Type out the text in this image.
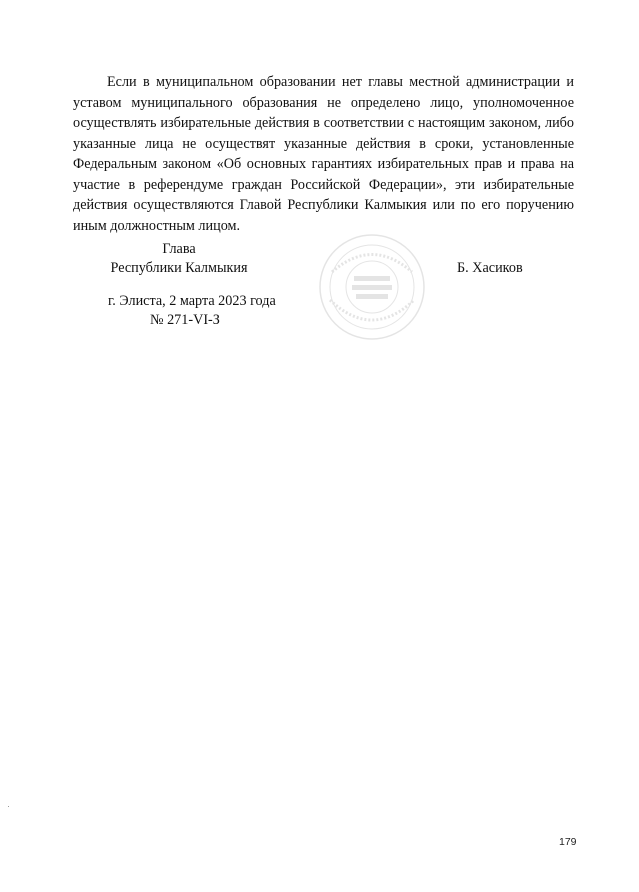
Если в муниципальном образовании нет главы местной администрации и уставом муниципального образования не определено лицо, уполномоченное осуществлять избирательные действия в соответствии с настоящим законом, либо указанные лица не осуществят указанные действия в сроки, установленные Федеральным законом «Об основных гарантиях избирательных прав и права на участие в референдуме граждан Российской Федерации», эти избирательные действия осуществляются Главой Республики Калмыкия или по его поручению иным должностным лицом.

Глава
Республики Калмыкия	Б. Хасиков
г. Элиста, 2 марта 2023 года
№ 271-VI-З
179
